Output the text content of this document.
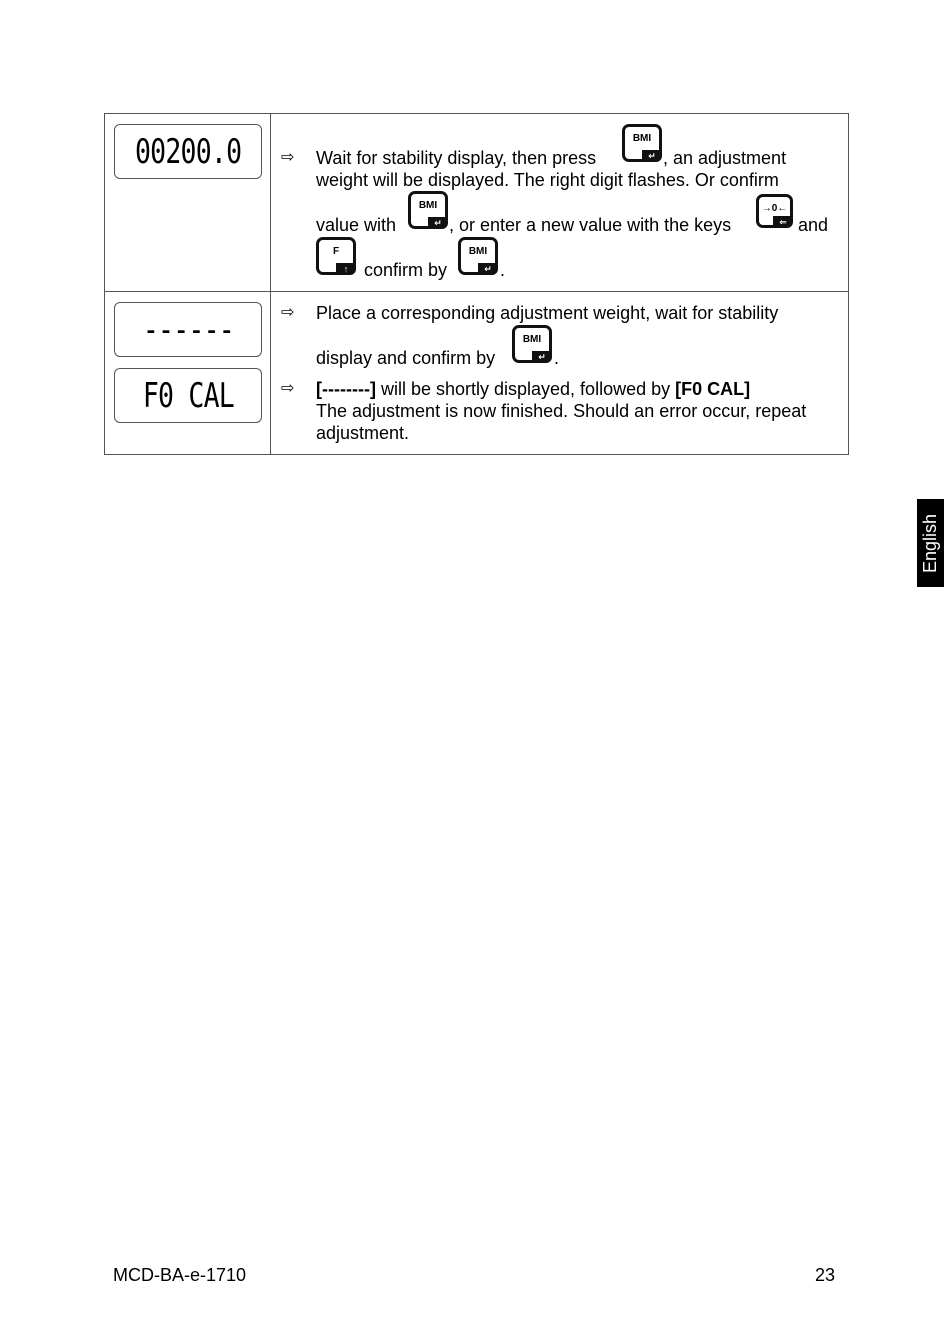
00200.0 ⇨	Wait for stability display, then press
BMI
↵ , an adjustment
weight will be displayed. The right digit flashes. Or confirm
value with
BMI
↵ , or enter a new value with the keys
→0←
⇐ and
F
↑ confirm by
BMI
↵ .
------
F0 CAL
⇨	Place a corresponding adjustment weight, wait for stability
BMI
↵
display and confirm by	.
⇨	[--------] will be shortly displayed, followed by [F0 CAL]
The adjustment is now finished. Should an error occur, repeat
adjustment.
English
MCD-BA-e-1710	23
